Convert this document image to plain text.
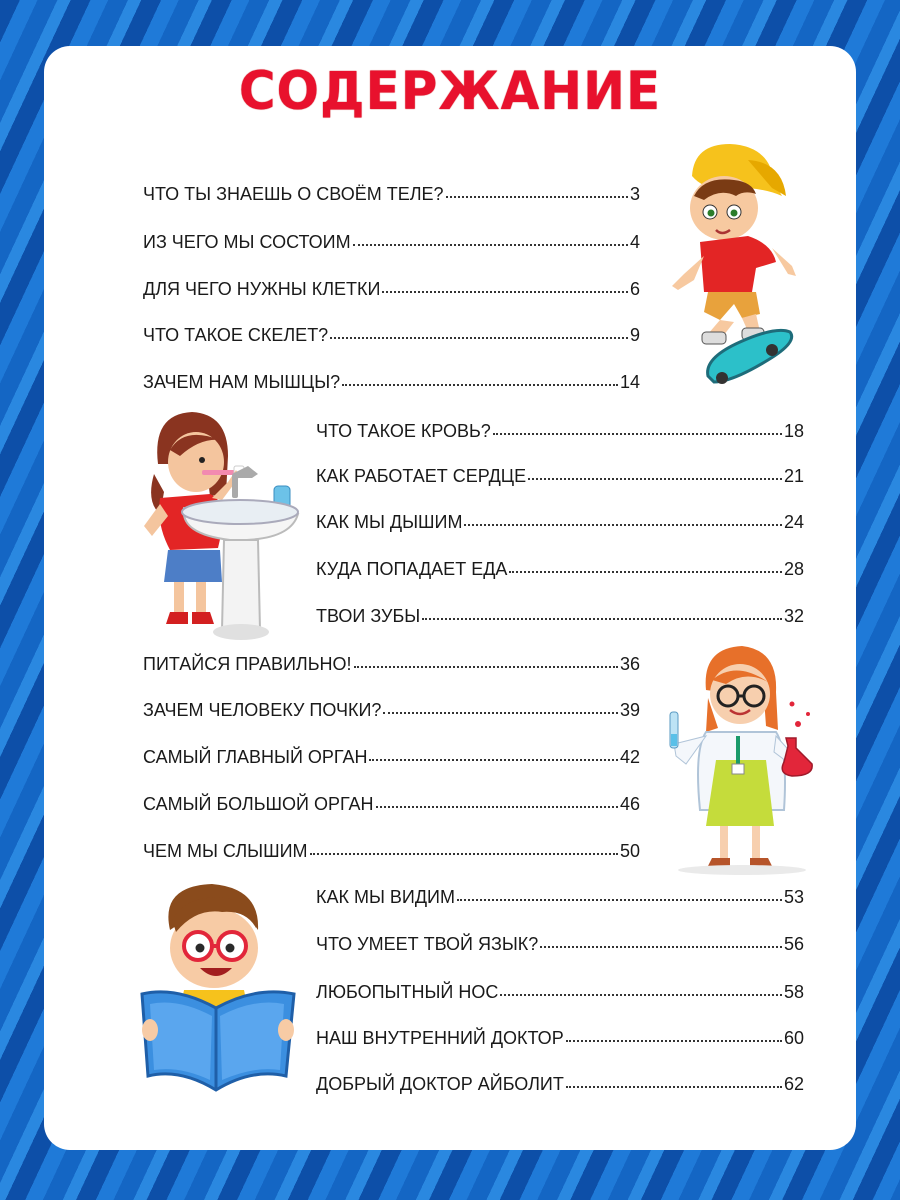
СОДЕРЖАНИЕ
ЧТО ТЫ ЗНАЕШЬ О СВОЁМ ТЕЛЕ?	3
ИЗ ЧЕГО МЫ СОСТОИМ	4
ДЛЯ ЧЕГО НУЖНЫ КЛЕТКИ	6
ЧТО ТАКОЕ СКЕЛЕТ?	9
ЗАЧЕМ НАМ МЫШЦЫ?	14
ЧТО ТАКОЕ КРОВЬ?	18
КАК РАБОТАЕТ СЕРДЦЕ	21
КАК МЫ ДЫШИМ	24
КУДА ПОПАДАЕТ ЕДА	28
ТВОИ ЗУБЫ	32
ПИТАЙСЯ ПРАВИЛЬНО!	36
ЗАЧЕМ ЧЕЛОВЕКУ ПОЧКИ?	39
САМЫЙ ГЛАВНЫЙ ОРГАН	42
САМЫЙ БОЛЬШОЙ ОРГАН	46
ЧЕМ МЫ СЛЫШИМ	50
КАК МЫ ВИДИМ	53
ЧТО УМЕЕТ ТВОЙ ЯЗЫК?	56
ЛЮБОПЫТНЫЙ НОС	58
НАШ ВНУТРЕННИЙ ДОКТОР	60
ДОБРЫЙ ДОКТОР АЙБОЛИТ	62
